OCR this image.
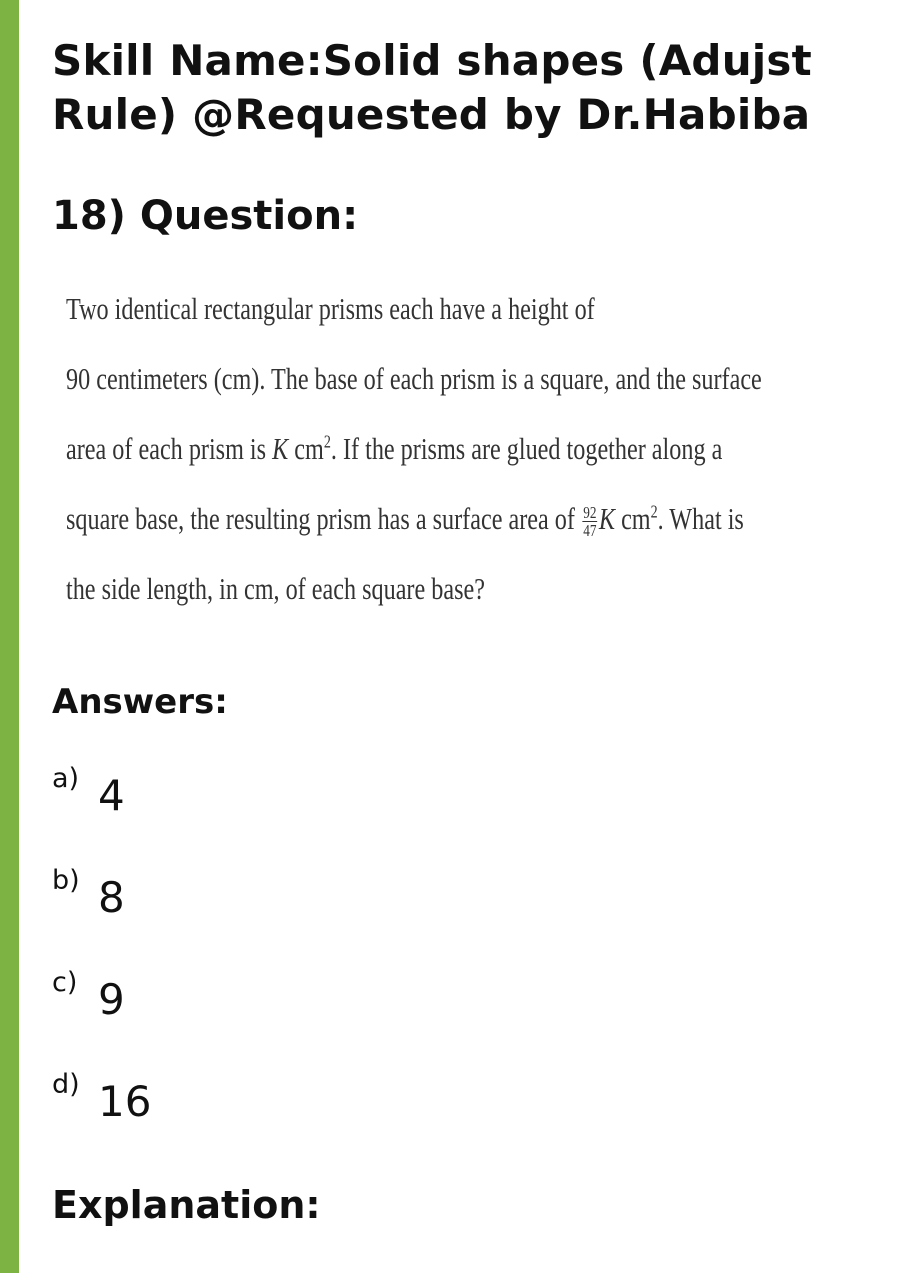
Skill Name:Solid shapes (Adujst
Rule) @Requested by Dr.Habiba
18) Question:
Two identical rectangular prisms each have a height of
90 centimeters (cm). The base of each prism is a square, and the surface
area of each prism is K $cm^2$. If the prisms are glued together along a
square base, the resulting prism has a surface area of $\frac{92}{47}$ K $cm^2$. What is
the side length, in cm, of each square base?
Answers:
a) 4
b) 8
c) 9
d) 16
Explanation:
